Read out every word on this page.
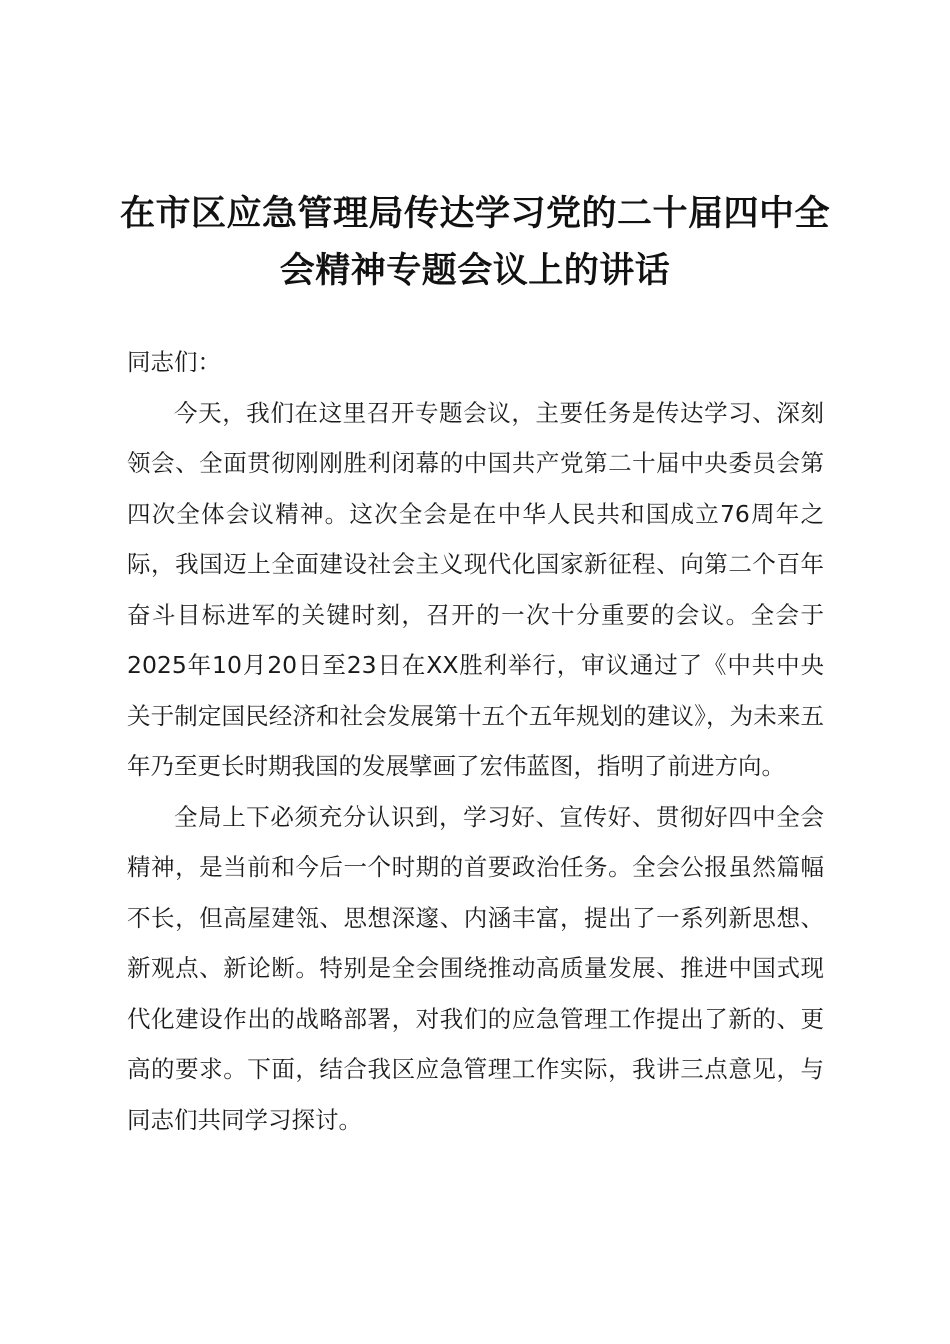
在市区应急管理局传达学习党的二十届四中全会精神专题会议上的讲话

同志们：

今天，我们在这里召开专题会议，主要任务是传达学习、深刻领会、全面贯彻刚刚胜利闭幕的中国共产党第二十届中央委员会第四次全体会议精神。这次全会是在中华人民共和国成立76周年之际，我国迈上全面建设社会主义现代化国家新征程、向第二个百年奋斗目标进军的关键时刻，召开的一次十分重要的会议。全会于2025年10月20日至23日在XX胜利举行，审议通过了《中共中央关于制定国民经济和社会发展第十五个五年规划的建议》，为未来五年乃至更长时期我国的发展擘画了宏伟蓝图，指明了前进方向。

全局上下必须充分认识到，学习好、宣传好、贯彻好四中全会精神，是当前和今后一个时期的首要政治任务。全会公报虽然篇幅不长，但高屋建瓴、思想深邃、内涵丰富，提出了一系列新思想、新观点、新论断。特别是全会围绕推动高质量发展、推进中国式现代化建设作出的战略部署，对我们的应急管理工作提出了新的、更高的要求。下面，结合我区应急管理工作实际，我讲三点意见，与同志们共同学习探讨。
